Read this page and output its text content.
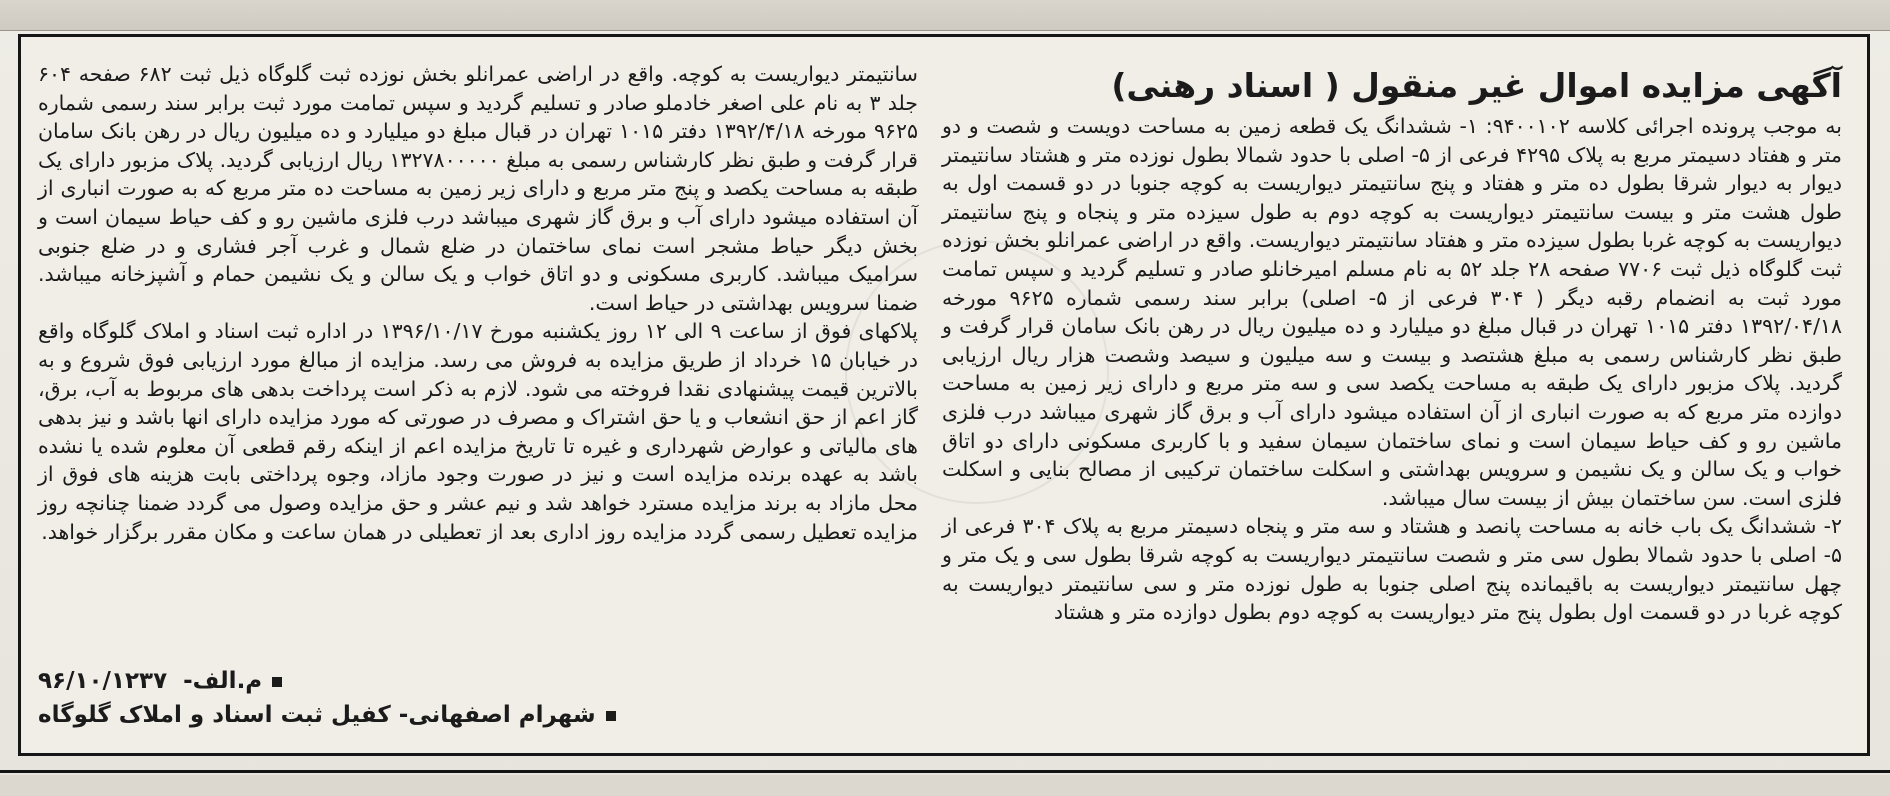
آگهی مزایده اموال غیر منقول ( اسناد رهنی)

به موجب پرونده اجرائی کلاسه ۹۴۰۰۱۰۲: ۱- ششدانگ یک قطعه زمین به مساحت دویست و شصت و دو متر و هفتاد دسیمتر مربع به پلاک ۴۲۹۵ فرعی از ۵- اصلی با حدود شمالا بطول نوزده متر و هشتاد سانتیمتر دیوار به دیوار شرقا بطول ده متر و هفتاد و پنج سانتیمتر دیواریست به کوچه جنوبا در دو قسمت اول به طول هشت متر و بیست سانتیمتر دیواریست به کوچه دوم به طول سیزده متر و پنجاه و پنج سانتیمتر دیواریست به کوچه غربا بطول سیزده متر و هفتاد سانتیمتر دیواریست. واقع در اراضی عمرانلو بخش نوزده ثبت گلوگاه ذیل ثبت ۷۷۰۶ صفحه ۲۸ جلد ۵۲ به نام مسلم امیرخانلو صادر و تسلیم گردید و سپس تمامت مورد ثبت به انضمام رقبه دیگر ( ۳۰۴ فرعی از ۵- اصلی) برابر سند رسمی شماره ۹۶۲۵ مورخه ۱۳۹۲/۰۴/۱۸ دفتر ۱۰۱۵ تهران در قبال مبلغ دو میلیارد و ده میلیون ریال در رهن بانک سامان قرار گرفت و طبق نظر کارشناس رسمی به مبلغ هشتصد و بیست و سه میلیون و سیصد وشصت هزار ریال ارزیابی گردید. پلاک مزبور دارای یک طبقه به مساحت یکصد سی و سه متر مربع و دارای زیر زمین به مساحت دوازده متر مربع که به صورت انباری از آن استفاده میشود دارای آب و برق گاز شهری میباشد درب فلزی ماشین رو و کف حیاط سیمان است و نمای ساختمان سیمان سفید و با کاربری مسکونی دارای دو اتاق خواب و یک سالن و یک نشیمن و سرویس بهداشتی و اسکلت ساختمان ترکیبی از مصالح بنایی و اسکلت فلزی است. سن ساختمان بیش از بیست سال میباشد.

۲- ششدانگ یک باب خانه به مساحت پانصد و هشتاد و سه متر و پنجاه دسیمتر مربع به پلاک ۳۰۴ فرعی از ۵- اصلی با حدود شمالا بطول سی متر و شصت سانتیمتر دیواریست به کوچه شرقا بطول سی و یک متر و چهل سانتیمتر دیواریست به باقیمانده پنج اصلی جنوبا به طول نوزده متر و سی سانتیمتر دیواریست به کوچه غربا در دو قسمت اول بطول پنج متر دیواریست به کوچه دوم بطول دوازده متر و هشتاد

سانتیمتر دیواریست به کوچه. واقع در اراضی عمرانلو بخش نوزده ثبت گلوگاه ذیل ثبت ۶۸۲ صفحه ۶۰۴ جلد ۳ به نام علی اصغر خادملو صادر و تسلیم گردید و سپس تمامت مورد ثبت برابر سند رسمی شماره ۹۶۲۵ مورخه ۱۳۹۲/۴/۱۸ دفتر ۱۰۱۵ تهران در قبال مبلغ دو میلیارد و ده میلیون ریال در رهن بانک سامان قرار گرفت و طبق نظر کارشناس رسمی به مبلغ ۱۳۲۷۸۰۰۰۰۰ ریال ارزیابی گردید. پلاک مزبور دارای یک طبقه به مساحت یکصد و پنج متر مربع و دارای زیر زمین به مساحت ده متر مربع که به صورت انباری از آن استفاده میشود دارای آب و برق گاز شهری میباشد درب فلزی ماشین رو و کف حیاط سیمان است و بخش دیگر حیاط مشجر است نمای ساختمان در ضلع شمال و غرب آجر فشاری و در ضلع جنوبی سرامیک میباشد. کاربری مسکونی و دو اتاق خواب و یک سالن و یک نشیمن حمام و آشپزخانه میباشد. ضمنا سرویس بهداشتی در حیاط است.

پلاکهای فوق از ساعت ۹ الی ۱۲ روز یکشنبه مورخ ۱۳۹۶/۱۰/۱۷ در اداره ثبت اسناد و املاک گلوگاه واقع در خیابان ۱۵ خرداد از طریق مزایده به فروش می رسد. مزایده از مبالغ مورد ارزیابی فوق شروع و به بالاترین قیمت پیشنهادی نقدا فروخته می شود. لازم به ذکر است پرداخت بدهی های مربوط به آب، برق، گاز اعم از حق انشعاب و یا حق اشتراک و مصرف در صورتی که مورد مزایده دارای انها باشد و نیز بدهی های مالیاتی و عوارض شهرداری و غیره تا تاریخ مزایده اعم از اینکه رقم قطعی آن معلوم شده یا نشده باشد به عهده برنده مزایده است و نیز در صورت وجود مازاد، وجوه پرداختی بابت هزینه های فوق از محل مازاد به برند مزایده مسترد خواهد شد و نیم عشر و حق مزایده وصول می گردد ضمنا چنانچه روز مزایده تعطیل رسمی گردد مزایده روز اداری بعد از تعطیلی در همان ساعت و مکان مقرر برگزار خواهد.

م.الف-۹۶/۱۰/۱۲۳۷
شهرام اصفهانی- کفیل ثبت اسناد و املاک گلوگاه
